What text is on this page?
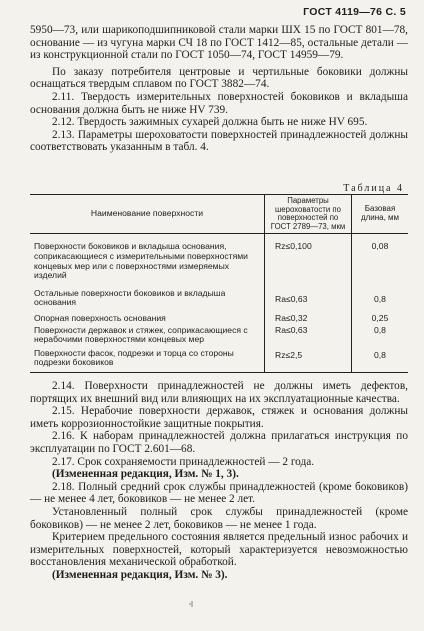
ГОСТ 4119—76 С. 5

5950—73, или шарикоподшипниковой стали марки ШХ 15 по ГОСТ 801—78, основание — из чугуна марки СЧ 18 по ГОСТ 1412—85, остальные детали — из конструкционной стали по ГОСТ 1050—74, ГОСТ 14959—79.

По заказу потребителя центровые и чертильные боковики должны оснащаться твердым сплавом по ГОСТ 3882—74.

2.11. Твердость измерительных поверхностей боковиков и вкладыша основания должна быть не ниже HV 739.

2.12. Твердость зажимных сухарей должна быть не ниже HV 695.

2.13. Параметры шероховатости поверхностей принадлежностей должны соответствовать указанным в табл. 4.

Таблица 4
Наименование поверхности	Параметры шероховатости по поверхностей по ГОСТ 2789—73, мкм	Базовая длина, мм
Поверхности боковиков и вкладыша основания, соприкасающиеся с измерительными поверхностями концевых мер или с поверхностями измеряемых изделий	Rz≤0,100	0,08
Остальные поверхности боковиков и вкладыша основания	Ra≤0,63	0,8
Опорная поверхность основания	Ra≤0,32	0,25
Поверхности державок и стяжек, соприкасающиеся с нерабочими поверхностями концевых мер	Ra≤0,63	0,8
Поверхности фасок, подрезки и торца со стороны подрезки боковиков	Rz≤2,5	0,8

2.14. Поверхности принадлежностей не должны иметь дефектов, портящих их внешний вид или влияющих на их эксплуатационные качества.

2.15. Нерабочие поверхности державок, стяжек и основания должны иметь коррозионностойкие защитные покрытия.

2.16. К наборам принадлежностей должна прилагаться инструкция по эксплуатации по ГОСТ 2.601—68.

2.17. Срок сохраняемости принадлежностей — 2 года.

(Измененная редакция, Изм. № 1, 3).

2.18. Полный средний срок службы принадлежностей (кроме боковиков) — не менее 4 лет, боковиков — не менее 2 лет.

Установленный полный срок службы принадлежностей (кроме боковиков) — не менее 2 лет, боковиков — не менее 1 года.

Критерием предельного состояния является предельный износ рабочих и измерительных поверхностей, который характеризуется невозможностью восстановления механической обработкой.

(Измененная редакция, Изм. № 3).
